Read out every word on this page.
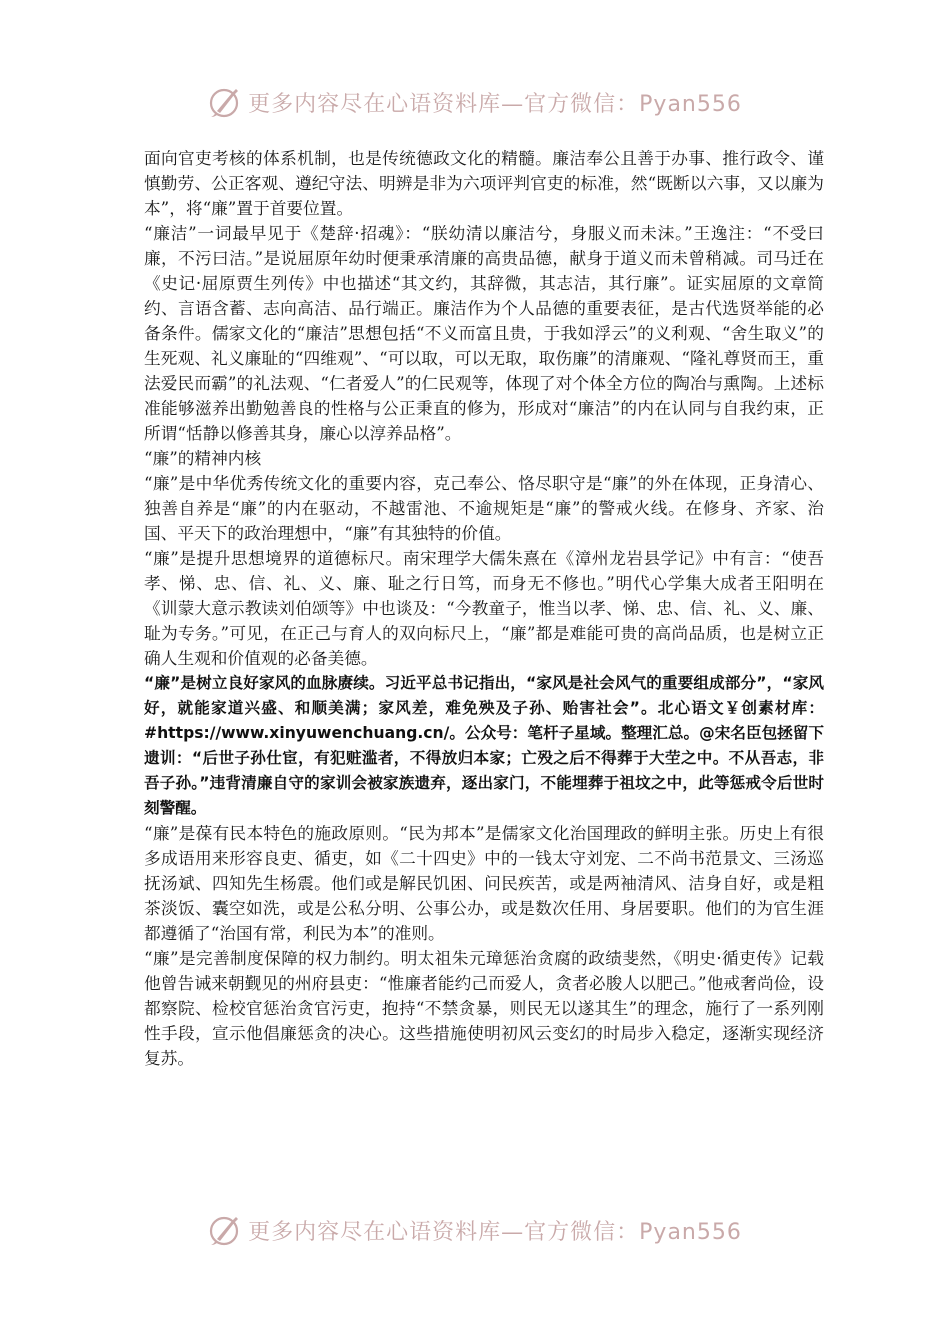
更多内容尽在心语资料库—官方微信：Pyan556

面向官吏考核的体系机制，也是传统德政文化的精髓。廉洁奉公且善于办事、推行政令、谨慎勤劳、公正客观、遵纪守法、明辨是非为六项评判官吏的标准，然“既断以六事，又以廉为本”，将“廉”置于首要位置。

“廉洁”一词最早见于《楚辞·招魂》：“朕幼清以廉洁兮，身服义而未沫。”王逸注：“不受曰廉，不污曰洁。”是说屈原年幼时便秉承清廉的高贵品德，献身于道义而未曾稍减。司马迁在《史记·屈原贾生列传》中也描述“其文约，其辞微，其志洁，其行廉”。证实屈原的文章简约、言语含蓄、志向高洁、品行端正。廉洁作为个人品德的重要表征，是古代选贤举能的必备条件。儒家文化的“廉洁”思想包括“不义而富且贵，于我如浮云”的义利观、“舍生取义”的生死观、礼义廉耻的“四维观”、“可以取，可以无取，取伤廉”的清廉观、“隆礼尊贤而王，重法爱民而霸”的礼法观、“仁者爱人”的仁民观等，体现了对个体全方位的陶冶与熏陶。上述标准能够滋养出勤勉善良的性格与公正秉直的修为，形成对“廉洁”的内在认同与自我约束，正所谓“恬静以修善其身，廉心以淳养品格”。

“廉”的精神内核

“廉”是中华优秀传统文化的重要内容，克己奉公、恪尽职守是“廉”的外在体现，正身清心、独善自养是“廉”的内在驱动，不越雷池、不逾规矩是“廉”的警戒火线。在修身、齐家、治国、平天下的政治理想中，“廉”有其独特的价值。

“廉”是提升思想境界的道德标尺。南宋理学大儒朱熹在《漳州龙岩县学记》中有言：“使吾孝、悌、忠、信、礼、义、廉、耻之行日笃，而身无不修也。”明代心学集大成者王阳明在《训蒙大意示教读刘伯颂等》中也谈及：“今教童子，惟当以孝、悌、忠、信、礼、义、廉、耻为专务。”可见，在正己与育人的双向标尺上，“廉”都是难能可贵的高尚品质，也是树立正确人生观和价值观的必备美德。

“廉”是树立良好家风的血脉赓续。习近平总书记指出，“家风是社会风气的重要组成部分”，“家风好，就能家道兴盛、和顺美满；家风差，难免殃及子孙、贻害社会”。北心语文￥创素材库：#https://www.xinyuwenchuang.cn/。公众号：笔杆子星域。整理汇总。@宋名臣包拯留下遗训：“后世子孙仕宦，有犯赃滥者，不得放归本家；亡殁之后不得葬于大茔之中。不从吾志，非吾子孙。”违背清廉自守的家训会被家族遗弃，逐出家门，不能埋葬于祖坟之中，此等惩戒令后世时刻警醒。

“廉”是葆有民本特色的施政原则。“民为邦本”是儒家文化治国理政的鲜明主张。历史上有很多成语用来形容良吏、循吏，如《二十四史》中的一钱太守刘宠、二不尚书范景文、三汤巡抚汤斌、四知先生杨震。他们或是解民饥困、问民疾苦，或是两袖清风、洁身自好，或是粗茶淡饭、囊空如洗，或是公私分明、公事公办，或是数次任用、身居要职。他们的为官生涯都遵循了“治国有常，利民为本”的准则。

“廉”是完善制度保障的权力制约。明太祖朱元璋惩治贪腐的政绩斐然，《明史·循吏传》记载他曾告诫来朝觐见的州府县吏：“惟廉者能约己而爱人，贪者必朘人以肥己。”他戒奢尚俭，设都察院、检校官惩治贪官污吏，抱持“不禁贪暴，则民无以遂其生”的理念，施行了一系列刚性手段，宣示他倡廉惩贪的决心。这些措施使明初风云变幻的时局步入稳定，逐渐实现经济复苏。

更多内容尽在心语资料库—官方微信：Pyan556
